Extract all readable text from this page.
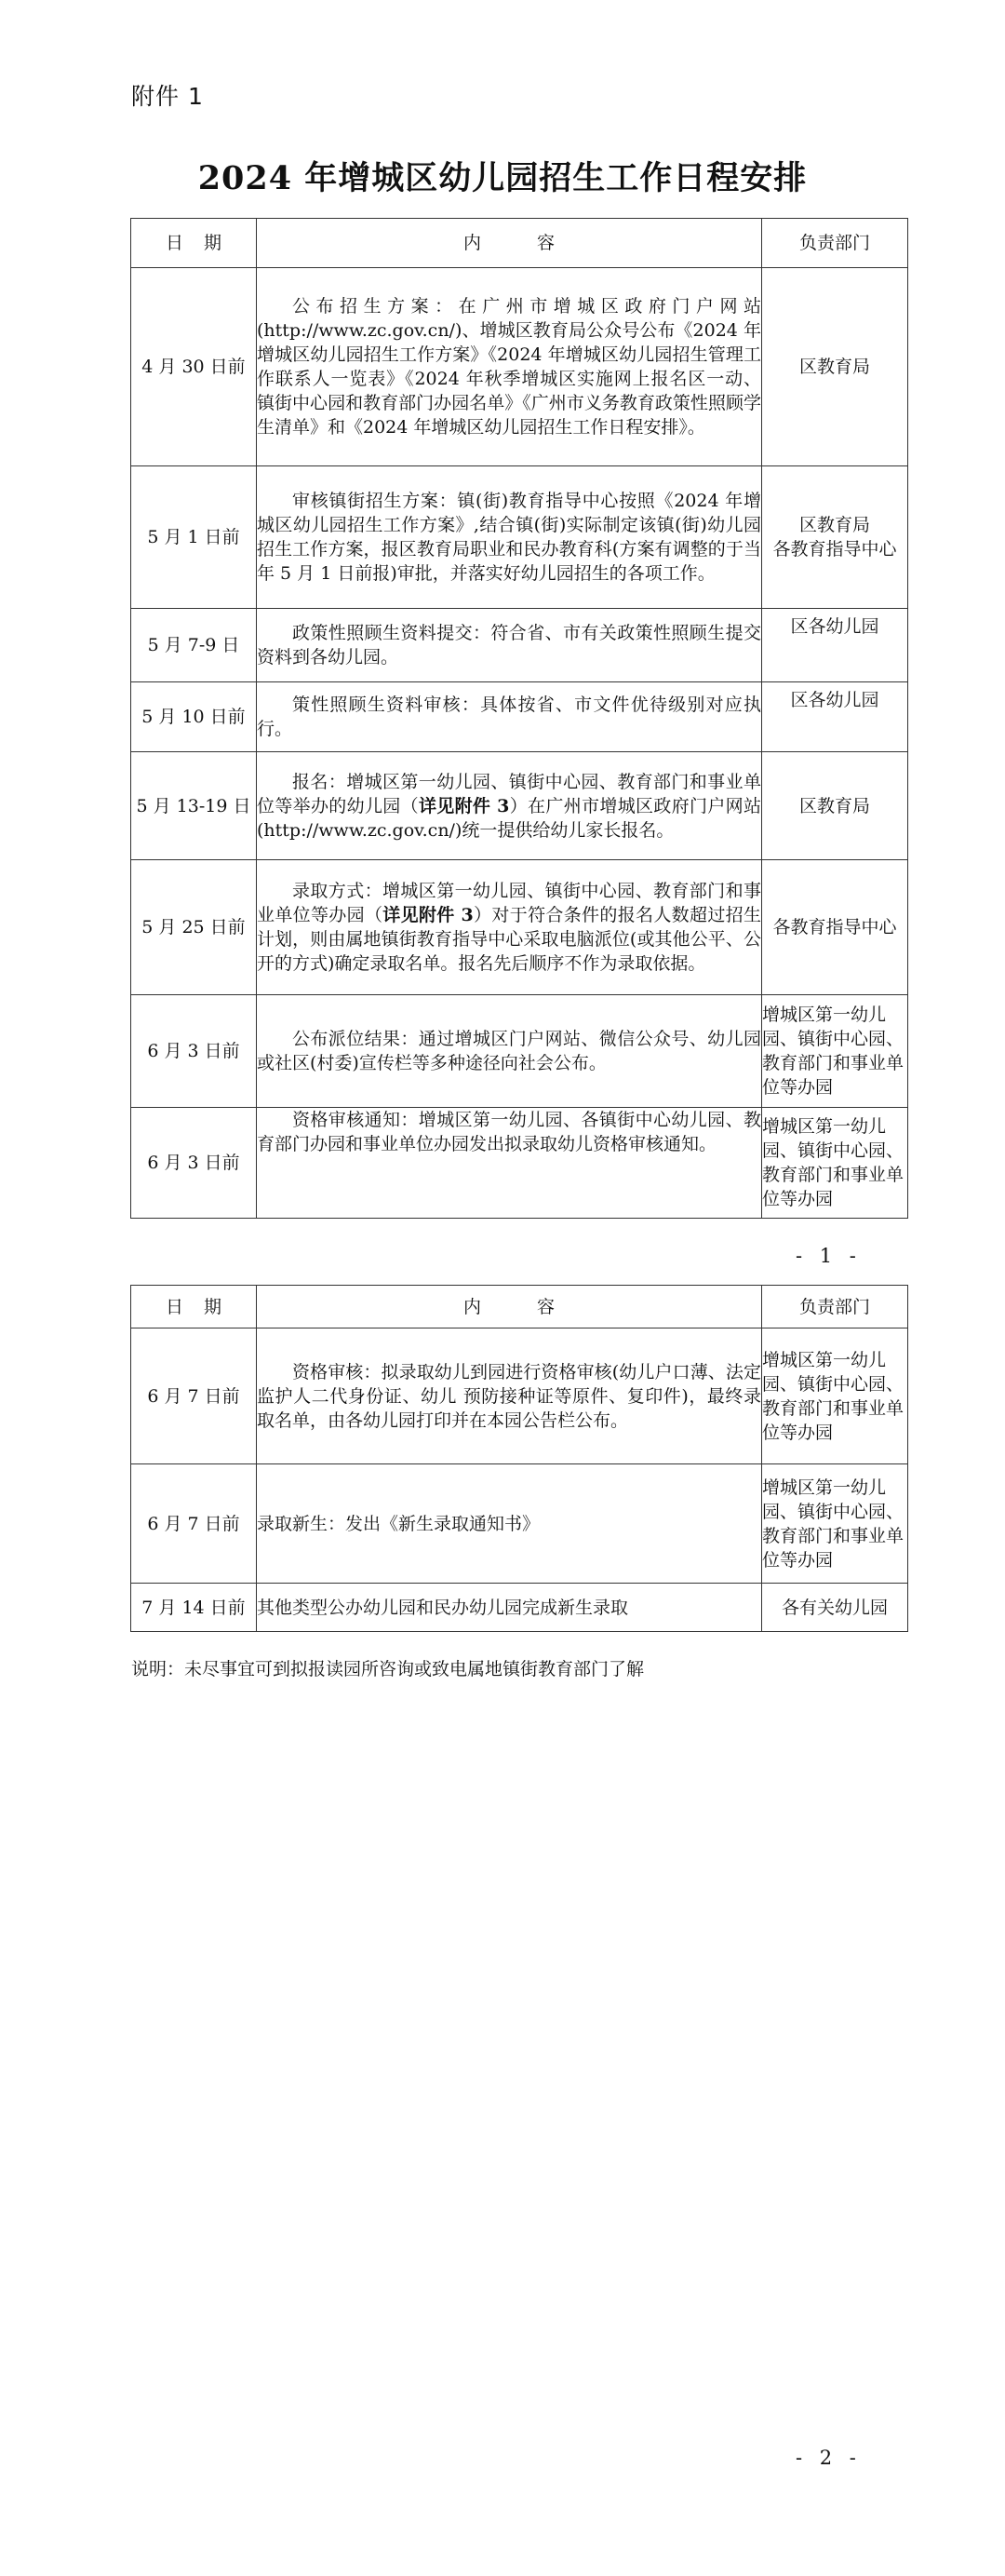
附件 1
2024 年增城区幼儿园招生工作日程安排
日期	内容	负责部门
4 月 30 日前	公布招生方案：在广州市增城区政府门户网站(http://www.zc.gov.cn/)、增城区教育局公众号公布《2024 年增城区幼儿园招生工作方案》《2024 年增城区幼儿园招生管理工作联系人一览表》《2024 年秋季增城区实施网上报名区一动、 镇街中心园和教育部门办园名单》《广州市义务教育政策性照顾学生清单》和《2024 年增城区幼儿园招生工作日程安排》。	区教育局
5 月 1 日前	审核镇街招生方案：镇(街)教育指导中心按照《2024 年增城区幼儿园招生工作方案》,结合镇(街)实际制定该镇(街)幼儿园招生工作方案，报区教育局职业和民办教育科(方案有调整的于当年 5 月 1 日前报)审批，并落实好幼儿园招生的各项工作。	区教育局
各教育指导中心
5 月 7-9 日	政策性照顾生资料提交：符合省、市有关政策性照顾生提交资料到各幼儿园。	区各幼儿园
5 月 10 日前	策性照顾生资料审核：具体按省、市文件优待级别对应执行。	区各幼儿园
5 月 13-19 日	报名：增城区第一幼儿园、镇街中心园、教育部门和事业单位等举办的幼儿园（详见附件 3）在广州市增城区政府门户网站(http://www.zc.gov.cn/)统一提供给幼儿家长报名。	区教育局
5 月 25 日前	录取方式：增城区第一幼儿园、镇街中心园、教育部门和事业单位等办园（详见附件 3）对于符合条件的报名人数超过招生计划，则由属地镇街教育指导中心采取电脑派位(或其他公平、公开的方式)确定录取名单。报名先后顺序不作为录取依据。	各教育指导中心
6 月 3 日前	公布派位结果：通过增城区门户网站、微信公众号、幼儿园或社区(村委)宣传栏等多种途径向社会公布。	增城区第一幼儿园、镇街中心园、教育部门和事业单位等办园
6 月 3 日前	资格审核通知：增城区第一幼儿园、各镇街中心幼儿园、教育部门办园和事业单位办园发出拟录取幼儿资格审核通知。	增城区第一幼儿园、镇街中心园、教育部门和事业单位等办园
- 1 -
日期	内容	负责部门
6 月 7 日前	资格审核：拟录取幼儿到园进行资格审核(幼儿户口薄、法定监护人二代身份证、幼儿 预防接种证等原件、复印件)，最终录取名单，由各幼儿园打印并在本园公告栏公布。	增城区第一幼儿园、镇街中心园、教育部门和事业单位等办园
6 月 7 日前	录取新生：发出《新生录取通知书》	增城区第一幼儿园、镇街中心园、教育部门和事业单位等办园
7 月 14 日前	其他类型公办幼儿园和民办幼儿园完成新生录取	各有关幼儿园
说明：未尽事宜可到拟报读园所咨询或致电属地镇街教育部门了解
- 2 -
